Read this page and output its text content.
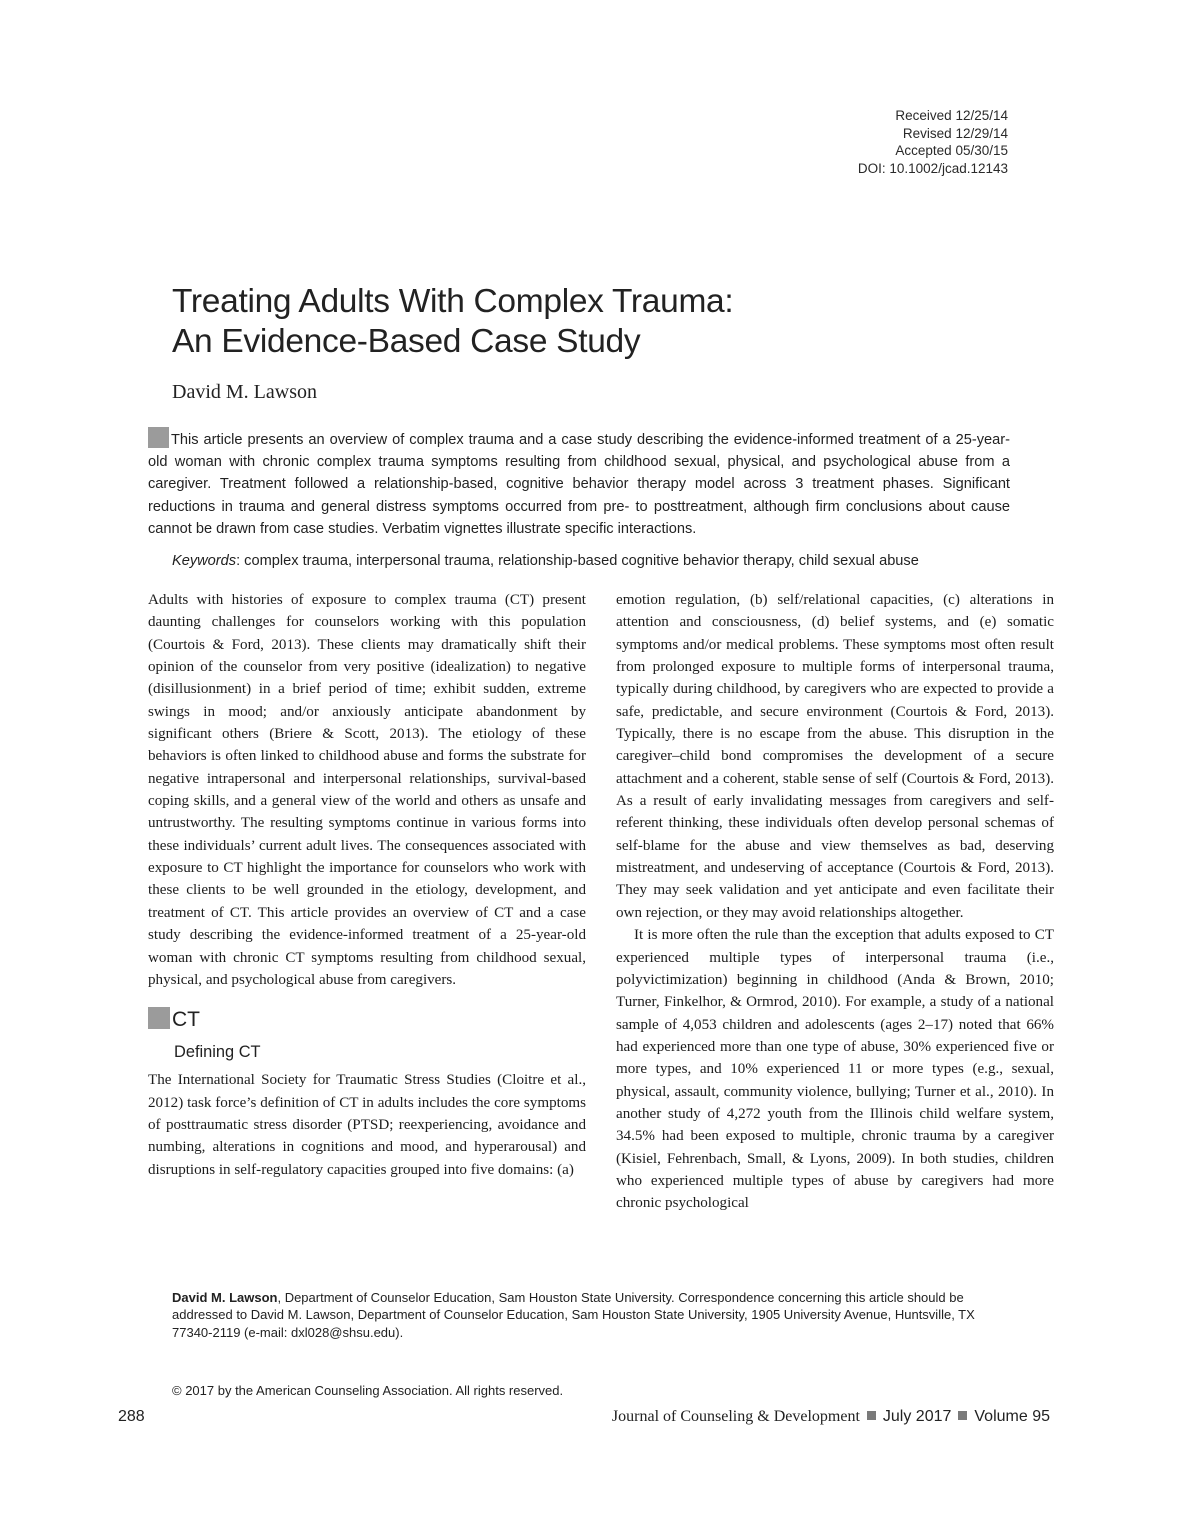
Received 12/25/14
Revised 12/29/14
Accepted 05/30/15
DOI: 10.1002/jcad.12143
Treating Adults With Complex Trauma:
An Evidence-Based Case Study
David M. Lawson
This article presents an overview of complex trauma and a case study describing the evidence-informed treatment of a 25-year-old woman with chronic complex trauma symptoms resulting from childhood sexual, physical, and psychological abuse from a caregiver. Treatment followed a relationship-based, cognitive behavior therapy model across 3 treatment phases. Significant reductions in trauma and general distress symptoms occurred from pre- to posttreatment, although firm conclusions about cause cannot be drawn from case studies. Verbatim vignettes illustrate specific interactions.
Keywords: complex trauma, interpersonal trauma, relationship-based cognitive behavior therapy, child sexual abuse

Adults with histories of exposure to complex trauma (CT) present daunting challenges for counselors working with this population (Courtois & Ford, 2013). These clients may dramatically shift their opinion of the counselor from very positive (idealization) to negative (disillusionment) in a brief period of time; exhibit sudden, extreme swings in mood; and/or anxiously anticipate abandonment by significant others (Briere & Scott, 2013). The etiology of these behaviors is often linked to childhood abuse and forms the substrate for negative intrapersonal and interpersonal relationships, survival-based coping skills, and a general view of the world and others as unsafe and untrustworthy. The resulting symptoms continue in various forms into these individuals’ current adult lives. The consequences associated with exposure to CT highlight the importance for counselors who work with these clients to be well grounded in the etiology, development, and treatment of CT. This article provides an overview of CT and a case study describing the evidence-informed treatment of a 25-year-old woman with chronic CT symptoms resulting from childhood sexual, physical, and psychological abuse from caregivers.

CT
Defining CT

The International Society for Traumatic Stress Studies (Cloitre et al., 2012) task force’s definition of CT in adults includes the core symptoms of posttraumatic stress disorder (PTSD; reexperiencing, avoidance and numbing, alterations in cognitions and mood, and hyperarousal) and disruptions in self-regulatory capacities grouped into five domains: (a)

emotion regulation, (b) self/relational capacities, (c) alterations in attention and consciousness, (d) belief systems, and (e) somatic symptoms and/or medical problems. These symptoms most often result from prolonged exposure to multiple forms of interpersonal trauma, typically during childhood, by caregivers who are expected to provide a safe, predictable, and secure environment (Courtois & Ford, 2013). Typically, there is no escape from the abuse. This disruption in the caregiver–child bond compromises the development of a secure attachment and a coherent, stable sense of self (Courtois & Ford, 2013). As a result of early invalidating messages from caregivers and self-referent thinking, these individuals often develop personal schemas of self-blame for the abuse and view themselves as bad, deserving mistreatment, and undeserving of acceptance (Courtois & Ford, 2013). They may seek validation and yet anticipate and even facilitate their own rejection, or they may avoid relationships altogether.

It is more often the rule than the exception that adults exposed to CT experienced multiple types of interpersonal trauma (i.e., polyvictimization) beginning in childhood (Anda & Brown, 2010; Turner, Finkelhor, & Ormrod, 2010). For example, a study of a national sample of 4,053 children and adolescents (ages 2–17) noted that 66% had experienced more than one type of abuse, 30% experienced five or more types, and 10% experienced 11 or more types (e.g., sexual, physical, assault, community violence, bullying; Turner et al., 2010). In another study of 4,272 youth from the Illinois child welfare system, 34.5% had been exposed to multiple, chronic trauma by a caregiver (Kisiel, Fehrenbach, Small, & Lyons, 2009). In both studies, children who experienced multiple types of abuse by caregivers had more chronic psychological

David M. Lawson, Department of Counselor Education, Sam Houston State University. Correspondence concerning this article should be addressed to David M. Lawson, Department of Counselor Education, Sam Houston State University, 1905 University Avenue, Huntsville, TX 77340-2119 (e-mail: dxl028@shsu.edu).
© 2017 by the American Counseling Association. All rights reserved.
288	Journal of Counseling & Development July 2017 Volume 95
